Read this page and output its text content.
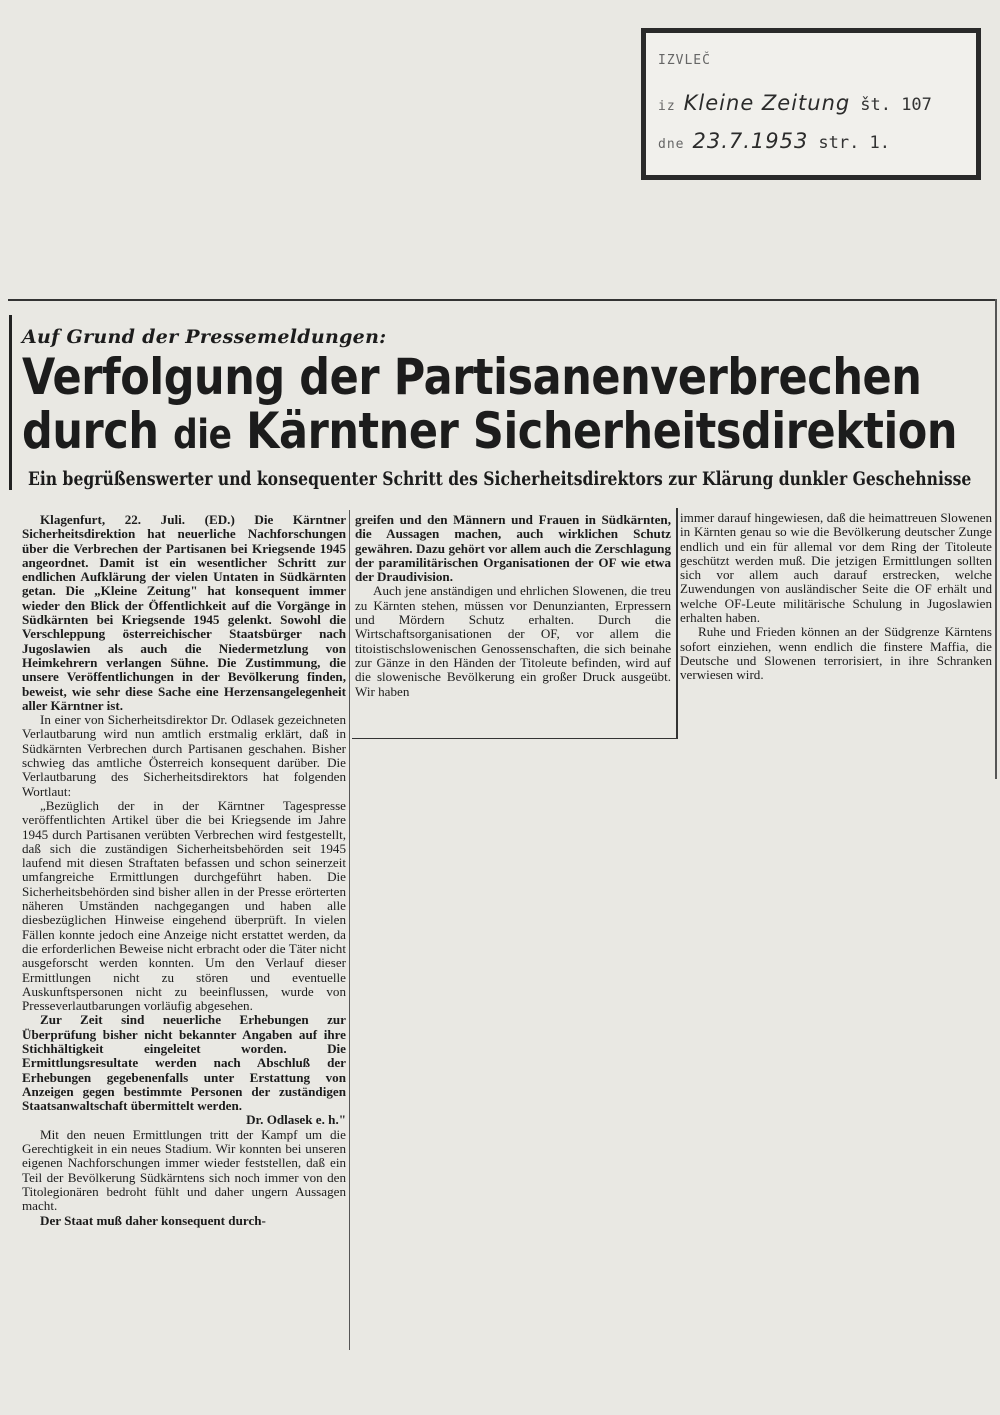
IZVLEČ
iz Kleine Zeitung št. 107
dne 23.7.1953 str. 1.
Auf Grund der Pressemeldungen:
Verfolgung der Partisanenverbrechen
durch die Kärntner Sicherheitsdirektion
Ein begrüßenswerter und konsequenter Schritt des Sicherheitsdirektors zur Klärung dunkler Geschehnisse

Klagenfurt, 22. Juli. (ED.) Die Kärntner Sicherheitsdirektion hat neuerliche Nachforschungen über die Verbrechen der Partisanen bei Kriegsende 1945 angeordnet. Damit ist ein wesentlicher Schritt zur endlichen Aufklärung der vielen Untaten in Südkärnten getan. Die „Kleine Zeitung" hat konsequent immer wieder den Blick der Öffentlichkeit auf die Vorgänge in Südkärnten bei Kriegsende 1945 gelenkt. Sowohl die Verschleppung österreichischer Staatsbürger nach Jugoslawien als auch die Niedermetzlung von Heimkehrern verlangen Sühne. Die Zustimmung, die unsere Veröffentlichungen in der Bevölkerung finden, beweist, wie sehr diese Sache eine Herzensangelegenheit aller Kärntner ist.

In einer von Sicherheitsdirektor Dr. Odlasek gezeichneten Verlautbarung wird nun amtlich erstmalig erklärt, daß in Südkärnten Verbrechen durch Partisanen geschahen. Bisher schwieg das amtliche Österreich konsequent darüber. Die Verlautbarung des Sicherheitsdirektors hat folgenden Wortlaut:

„Bezüglich der in der Kärntner Tagespresse veröffentlichten Artikel über die bei Kriegsende im Jahre 1945 durch Partisanen verübten Verbrechen wird festgestellt, daß sich die zuständigen Sicherheitsbehörden seit 1945 laufend mit diesen Straftaten befassen und schon seinerzeit umfangreiche Ermittlungen durchgeführt haben. Die Sicherheitsbehörden sind bisher allen in der Presse erörterten näheren Umständen nachgegangen und haben alle diesbezüglichen Hinweise eingehend überprüft. In vielen Fällen konnte jedoch eine Anzeige nicht erstattet werden, da die erforderlichen Beweise nicht erbracht oder die Täter nicht ausgeforscht werden konnten. Um den Verlauf dieser Ermittlungen nicht zu stören und eventuelle Auskunftspersonen nicht zu beeinflussen, wurde von Presseverlautbarungen vorläufig abgesehen.

Zur Zeit sind neuerliche Erhebungen zur Überprüfung bisher nicht bekannter Angaben auf ihre Stichhältigkeit eingeleitet worden. Die Ermittlungsresultate werden nach Abschluß der Erhebungen gegebenenfalls unter Erstattung von Anzeigen gegen bestimmte Personen der zuständigen Staatsanwaltschaft übermittelt werden.

Dr. Odlasek e. h."

Mit den neuen Ermittlungen tritt der Kampf um die Gerechtigkeit in ein neues Stadium. Wir konnten bei unseren eigenen Nachforschungen immer wieder feststellen, daß ein Teil der Bevölkerung Südkärntens sich noch immer von den Titolegionären bedroht fühlt und daher ungern Aussagen macht.

Der Staat muß daher konsequent durch-

greifen und den Männern und Frauen in Südkärnten, die Aussagen machen, auch wirklichen Schutz gewähren. Dazu gehört vor allem auch die Zerschlagung der paramilitärischen Organisationen der OF wie etwa der Draudivision.

Auch jene anständigen und ehrlichen Slowenen, die treu zu Kärnten stehen, müssen vor Denunzianten, Erpressern und Mördern Schutz erhalten. Durch die Wirtschaftsorganisationen der OF, vor allem die titoistischslowenischen Genossenschaften, die sich beinahe zur Gänze in den Händen der Titoleute befinden, wird auf die slowenische Bevölkerung ein großer Druck ausgeübt. Wir haben

immer darauf hingewiesen, daß die heimattreuen Slowenen in Kärnten genau so wie die Bevölkerung deutscher Zunge endlich und ein für allemal vor dem Ring der Titoleute geschützt werden muß. Die jetzigen Ermittlungen sollten sich vor allem auch darauf erstrecken, welche Zuwendungen von ausländischer Seite die OF erhält und welche OF-Leute militärische Schulung in Jugoslawien erhalten haben.

Ruhe und Frieden können an der Südgrenze Kärntens sofort einziehen, wenn endlich die finstere Maffia, die Deutsche und Slowenen terrorisiert, in ihre Schranken verwiesen wird.
